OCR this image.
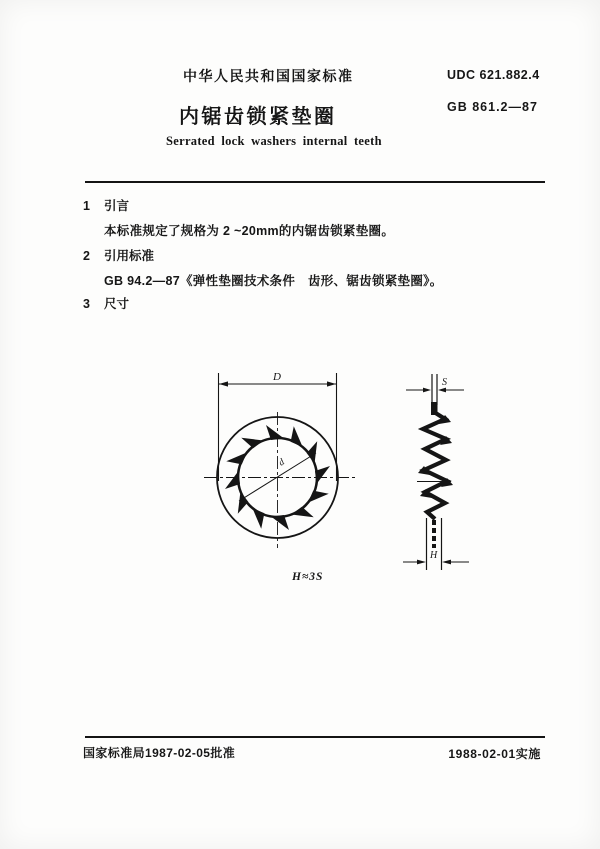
中华人民共和国国家标准	UDC 621.882.4
内锯齿锁紧垫圈	GB 861.2—87
Serrated lock washers internal teeth
1 引言
本标准规定了规格为 2 ~20mm的内锯齿锁紧垫圈。
2 引用标准
GB 94.2—87《弹性垫圈技术条件　齿形、锯齿锁紧垫圈》。
3 尺寸
D
d
S
H
H≈3S
国家标准局1987-02-05批准	1988-02-01实施
